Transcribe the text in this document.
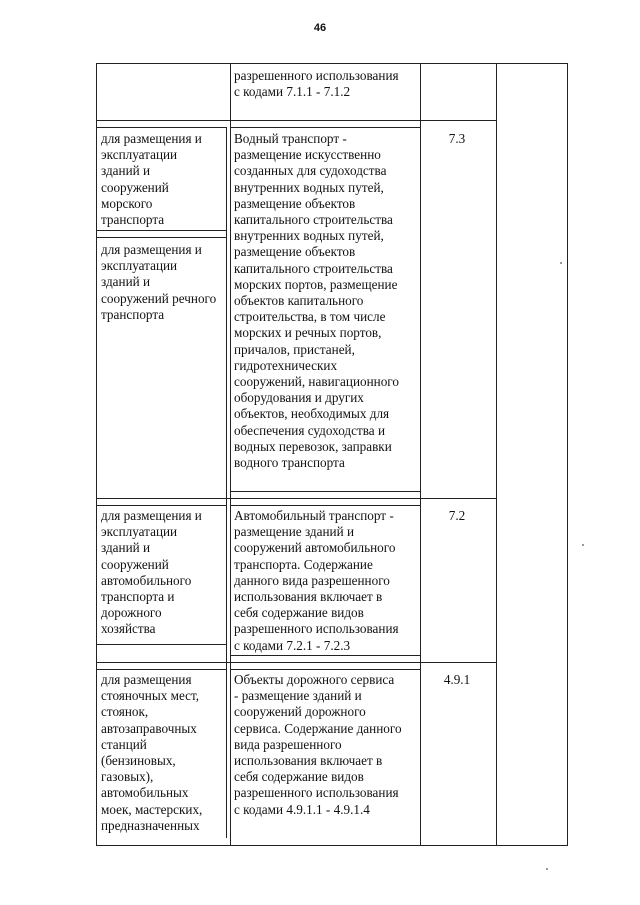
46
разрешенного использования
с кодами 7.1.1 - 7.1.2
для размещения и
эксплуатации
зданий и
сооружений
морского
транспорта
для размещения и
эксплуатации
зданий и
сооружений речного
транспорта
Водный транспорт -
размещение искусственно
созданных для судоходства
внутренних водных путей,
размещение объектов
капитального строительства
внутренних водных путей,
размещение объектов
капитального строительства
морских портов, размещение
объектов капитального
строительства, в том числе
морских и речных портов,
причалов, пристаней,
гидротехнических
сооружений, навигационного
оборудования и других
объектов, необходимых для
обеспечения судоходства и
водных перевозок, заправки
водного транспорта
7.3
для размещения и
эксплуатации
зданий и
сооружений
автомобильного
транспорта и
дорожного
хозяйства
Автомобильный транспорт -
размещение зданий и
сооружений автомобильного
транспорта. Содержание
данного вида разрешенного
использования включает в
себя содержание видов
разрешенного использования
с кодами 7.2.1 - 7.2.3
7.2
для размещения
стояночных мест,
стоянок,
автозаправочных
станций
(бензиновых,
газовых),
автомобильных
моек, мастерских,
предназначенных
Объекты дорожного сервиса
- размещение зданий и
сооружений дорожного
сервиса. Содержание данного
вида разрешенного
использования включает в
себя содержание видов
разрешенного использования
с кодами 4.9.1.1 - 4.9.1.4
4.9.1
